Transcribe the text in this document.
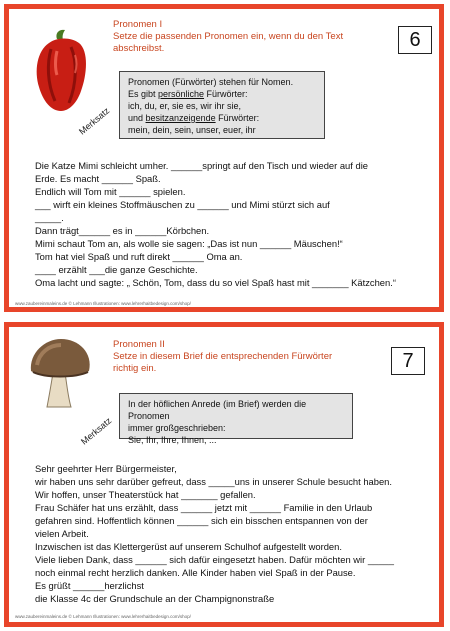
Pronomen I
Setze die passenden Pronomen ein, wenn du den Text
abschreibst.	6
Merksatz
Pronomen (Fürwörter) stehen für Nomen.
Es gibt persönliche Fürwörter:
ich, du, er, sie es, wir ihr sie,
und besitzanzeigende Fürwörter:
mein, dein, sein, unser, euer, ihr
Die Katze Mimi schleicht umher. ______springt auf den Tisch und wieder auf die
Erde. Es macht ______ Spaß.
Endlich will Tom mit ______ spielen.
___ wirft ein kleines Stoffmäuschen zu ______ und Mimi stürzt sich auf
_____.
Dann trägt______ es in ______Körbchen.
Mimi schaut Tom an, als wolle sie sagen: „Das ist nun ______ Mäuschen!“
Tom hat viel Spaß und ruft direkt ______ Oma an.
____ erzählt ___die ganze Geschichte.
Oma lacht und sagte: „ Schön, Tom, dass du so viel Spaß hast mit _______ Kätzchen.“
www.zaubereinmaleins.de © Lehmann Illustrationen: www.lehrerhaitbedesign.com/shop/
Pronomen II
Setze in diesem Brief die entsprechenden Fürwörter
richtig ein.	7
Merksatz
In der höflichen Anrede (im Brief) werden die Pronomen
immer großgeschrieben:
Sie, Ihr, Ihre, Ihnen, ...
Sehr geehrter Herr Bürgermeister,
wir haben uns sehr darüber gefreut, dass _____uns in unserer Schule besucht haben.
Wir hoffen, unser Theaterstück hat _______ gefallen.
Frau Schäfer hat uns erzählt, dass ______ jetzt mit ______ Familie in den Urlaub
gefahren sind. Hoffentlich können ______ sich ein bisschen entspannen von der
vielen Arbeit.
Inzwischen ist das Klettergerüst auf unserem Schulhof aufgestellt worden.
Viele lieben Dank, dass ______ sich dafür eingesetzt haben. Dafür möchten wir _____
noch einmal recht herzlich danken. Alle Kinder haben viel Spaß in der Pause.
Es grüßt ______herzlichst
die Klasse 4c der Grundschule an der Champignonstraße
www.zaubereinmaleins.de © Lehmann Illustrationen: www.lehrerhaitbedesign.com/shop/
